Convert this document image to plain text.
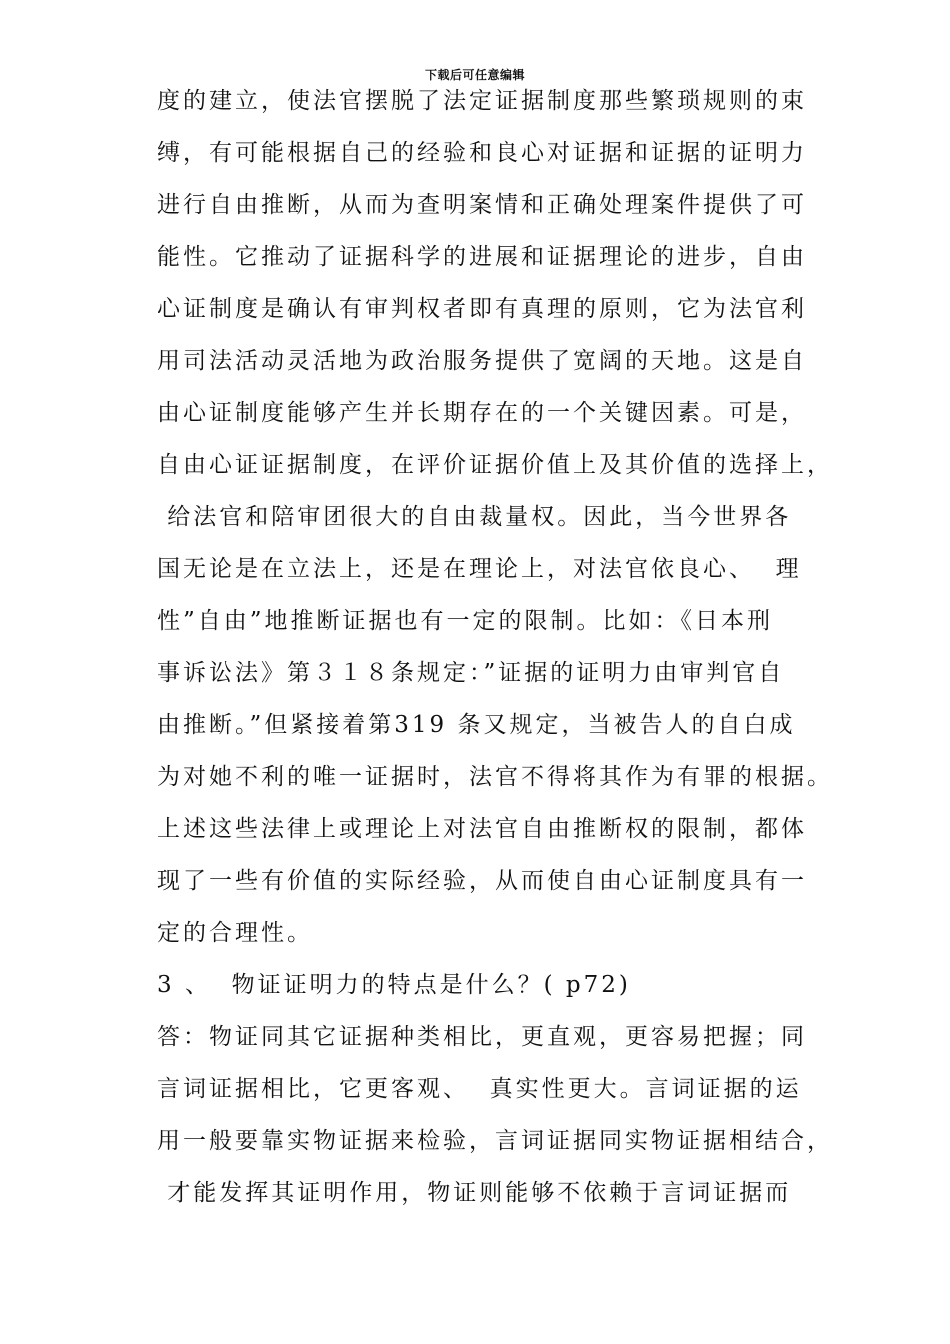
下载后可任意编辑
度的建立，使法官摆脱了法定证据制度那些繁琐规则的束
缚，有可能根据自己的经验和良心对证据和证据的证明力
进行自由推断，从而为查明案情和正确处理案件提供了可
能性。它推动了证据科学的进展和证据理论的进步，自由
心证制度是确认有审判权者即有真理的原则，它为法官利
用司法活动灵活地为政治服务提供了宽阔的天地。这是自
由心证制度能够产生并长期存在的一个关键因素。可是，
自由心证证据制度，在评价证据价值上及其价值的选择上，
给法官和陪审团很大的自由裁量权。因此，当今世界各
国无论是在立法上，还是在理论上，对法官依良心、  理
性”自由”地推断证据也有一定的限制。比如：《日本刑
事诉讼法》第３１８条规定：”证据的证明力由审判官自
由推断。”但紧接着第319 条又规定，当被告人的自白成
为对她不利的唯一证据时，法官不得将其作为有罪的根据。
上述这些法律上或理论上对法官自由推断权的限制，都体
现了一些有价值的实际经验，从而使自由心证制度具有一
定的合理性。
3 、  物证证明力的特点是什么？( p72)
答：物证同其它证据种类相比，更直观，更容易把握；同
言词证据相比，它更客观、  真实性更大。言词证据的运
用一般要靠实物证据来检验，言词证据同实物证据相结合，
才能发挥其证明作用，物证则能够不依赖于言词证据而
